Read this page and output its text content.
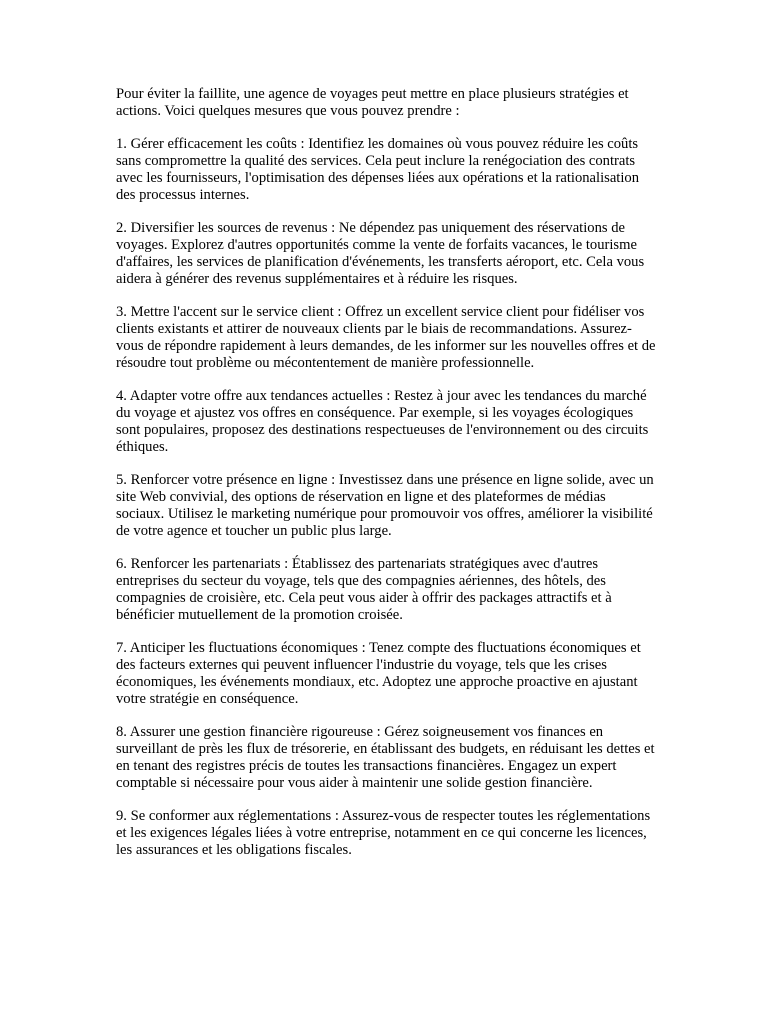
Pour éviter la faillite, une agence de voyages peut mettre en place plusieurs stratégies et actions. Voici quelques mesures que vous pouvez prendre :

1. Gérer efficacement les coûts : Identifiez les domaines où vous pouvez réduire les coûts sans compromettre la qualité des services. Cela peut inclure la renégociation des contrats avec les fournisseurs, l'optimisation des dépenses liées aux opérations et la rationalisation des processus internes.

2. Diversifier les sources de revenus : Ne dépendez pas uniquement des réservations de voyages. Explorez d'autres opportunités comme la vente de forfaits vacances, le tourisme d'affaires, les services de planification d'événements, les transferts aéroport, etc. Cela vous aidera à générer des revenus supplémentaires et à réduire les risques.

3. Mettre l'accent sur le service client : Offrez un excellent service client pour fidéliser vos clients existants et attirer de nouveaux clients par le biais de recommandations. Assurez-vous de répondre rapidement à leurs demandes, de les informer sur les nouvelles offres et de résoudre tout problème ou mécontentement de manière professionnelle.

4. Adapter votre offre aux tendances actuelles : Restez à jour avec les tendances du marché du voyage et ajustez vos offres en conséquence. Par exemple, si les voyages écologiques sont populaires, proposez des destinations respectueuses de l'environnement ou des circuits éthiques.

5. Renforcer votre présence en ligne : Investissez dans une présence en ligne solide, avec un site Web convivial, des options de réservation en ligne et des plateformes de médias sociaux. Utilisez le marketing numérique pour promouvoir vos offres, améliorer la visibilité de votre agence et toucher un public plus large.

6. Renforcer les partenariats : Établissez des partenariats stratégiques avec d'autres entreprises du secteur du voyage, tels que des compagnies aériennes, des hôtels, des compagnies de croisière, etc. Cela peut vous aider à offrir des packages attractifs et à bénéficier mutuellement de la promotion croisée.

7. Anticiper les fluctuations économiques : Tenez compte des fluctuations économiques et des facteurs externes qui peuvent influencer l'industrie du voyage, tels que les crises économiques, les événements mondiaux, etc. Adoptez une approche proactive en ajustant votre stratégie en conséquence.

8. Assurer une gestion financière rigoureuse : Gérez soigneusement vos finances en surveillant de près les flux de trésorerie, en établissant des budgets, en réduisant les dettes et en tenant des registres précis de toutes les transactions financières. Engagez un expert comptable si nécessaire pour vous aider à maintenir une solide gestion financière.

9. Se conformer aux réglementations : Assurez-vous de respecter toutes les réglementations et les exigences légales liées à votre entreprise, notamment en ce qui concerne les licences, les assurances et les obligations fiscales.
